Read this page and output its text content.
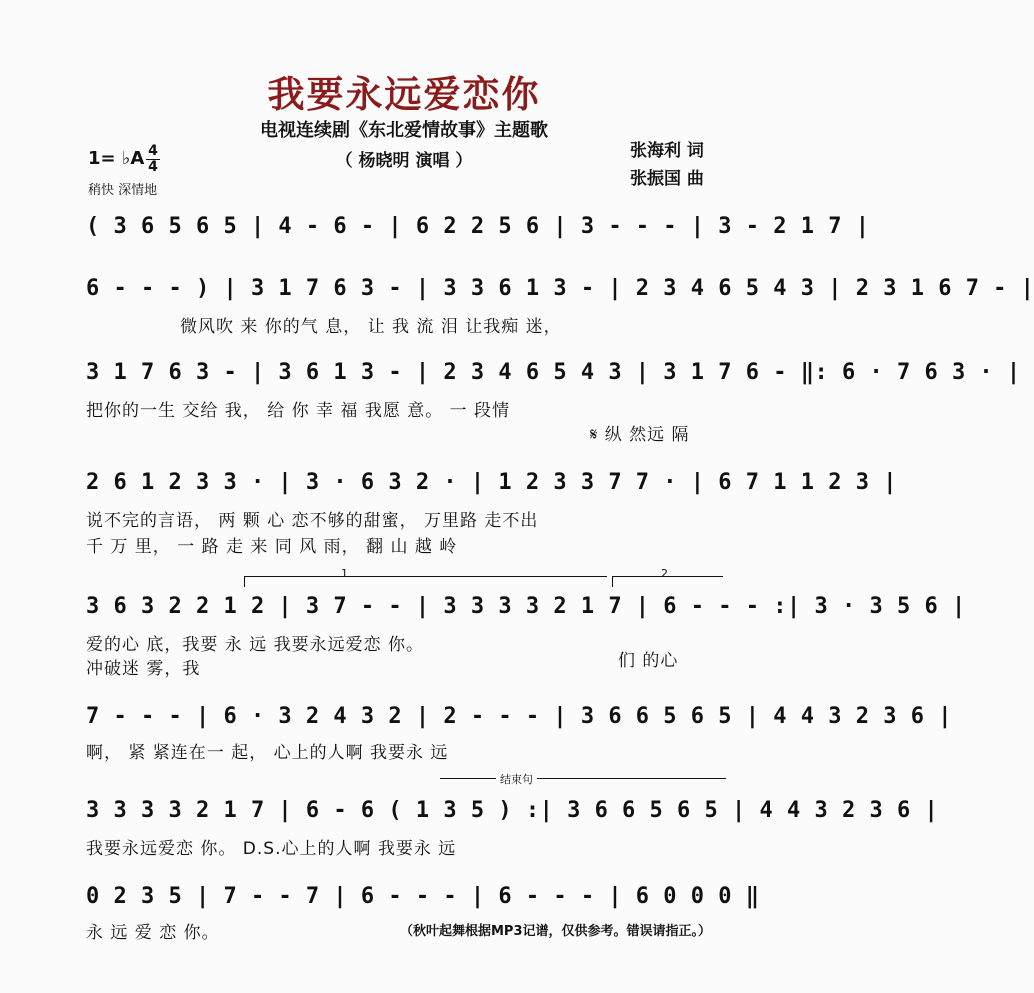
我要永远爱恋你
电视连续剧《东北爱情故事》主题歌
（ 杨晓明 演唱 ）	张海利 词
张振国 曲
1= ♭A 4
4
稍快 深情地
( 3 6 5 6 5 | 4 - 6 - | 6 2 2 5 6 | 3 - - - | 3 - 2 1 7 |
6 - - - ) | 3 1 7 6 3 - | 3 3 6 1 3 - | 2 3 4 6 5 4 3 | 2 3 1 6 7 - |
微风吹 来 你的气 息， 让 我 流 泪 让我痴 迷，
3 1 7 6 3 - | 3 6 1 3 - | 2 3 4 6 5 4 3 | 3 1 7 6 - ‖: 6 · 7 6 3 · |
把你的一生 交给 我， 给 你 幸 福 我愿 意。 一 段情
𝄋 纵 然远 隔
2 6 1 2 3 3 · | 3 · 6 3 2 · | 1 2 3 3 7 7 · | 6 7 1 1 2 3 |
说不完的言语， 两 颗 心 恋不够的甜蜜， 万里路 走不出
千 万 里， 一 路 走 来 同 风 雨， 翻 山 越 岭
1	2
3 6 3 2 2 1 2 | 3 7 - - | 3 3 3 3 2 1 7 | 6 - - - :| 3 · 3 5 6 |
爱的心 底，我要 永 远 我要永远爱恋 你。
冲破迷 雾，我	们 的心
7 - - - | 6 · 3 2 4 3 2 | 2 - - - | 3 6 6 5 6 5 | 4 4 3 2 3 6 |
啊， 紧 紧连在一 起， 心上的人啊 我要永 远
结束句
3 3 3 3 2 1 7 | 6 - 6 ( 1 3 5 ) :| 3 6 6 5 6 5 | 4 4 3 2 3 6 |
我要永远爱恋 你。 D.S.心上的人啊 我要永 远
0 2 3 5 | 7 - - 7 | 6 - - - | 6 - - - | 6 0 0 0 ‖
永 远 爱 恋 你。	（秋叶起舞根据MP3记谱，仅供参考。错误请指正。）
